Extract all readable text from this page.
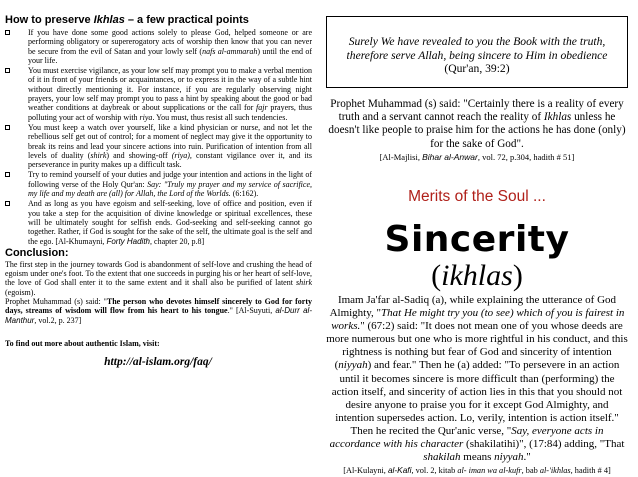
How to preserve Ikhlas – a few practical points
If you have done some good actions solely to please God, helped someone or are performing obligatory or supererogatory acts of worship then know that you can never be secure from the evil of Satan and your lowly self (nafs al-ammarah) until the end of your life.
You must exercise vigilance, as your low self may prompt you to make a verbal mention of it in front of your friends or acquaintances, or to express it in the way of a subtle hint without directly mentioning it. For instance, if you are regularly observing night prayers, your low self may prompt you to pass a hint by speaking about the good or bad weather conditions at daybreak or about supplications or the call for fajr prayers, thus polluting your act of worship with riya. You must, thus resist all such tendencies.
You must keep a watch over yourself, like a kind physician or nurse, and not let the rebellious self get out of control; for a moment of neglect may give it the opportunity to break its reins and lead your sincere actions into ruin. Purification of intention from all levels of duality (shirk) and showing-off (riya), constant vigilance over it, and its perseverance in purity makes up a difficult task.
Try to remind yourself of your duties and judge your intention and actions in the light of following verse of the Holy Qur'an: Say: "Truly my prayer and my service of sacrifice, my life and my death are (all) for Allah, the Lord of the Worlds. (6:162).
And as long as you have egoism and self-seeking, love of office and position, even if you take a step for the acquisition of divine knowledge or spiritual excellences, these will be ultimately sought for selfish ends. God-seeking and self-seeking cannot go together. Rather, if God is sought for the sake of the self, the ultimate goal is the self and the ego. [Al-Khumayni, Forty Hadith, chapter 20, p.8]
Conclusion:
The first step in the journey towards God is abandonment of self-love and crushing the head of egoism under one's foot. To the extent that one succeeds in purging his or her heart of self-love, the love of God shall enter it to the same extent and it shall also be purified of latent shirk (egoism).
Prophet Muhammad (s) said: "The person who devotes himself sincerely to God for forty days, streams of wisdom will flow from his heart to his tongue." [Al-Suyuti, al-Durr al-Manthur, vol.2, p. 237]
To find out more about authentic Islam, visit:
http://al-islam.org/faq/
Surely We have revealed to you the Book with the truth, therefore serve Allah, being sincere to Him in obedience
(Qur'an, 39:2)
Prophet Muhammad (s) said: "Certainly there is a reality of every truth and a servant cannot reach the reality of Ikhlas unless he doesn't like people to praise him for the actions he has done (only) for the sake of God".
[Al-Majlisi, Bihar al-Anwar, vol. 72, p.304, hadith # 51]
Merits of the Soul ...
Sincerity
(ikhlas)
Imam Ja'far al-Sadiq (a), while explaining the utterance of God Almighty, "That He might try you (to see) which of you is fairest in works." (67:2) said: "It does not mean one of you whose deeds are more numerous but one who is more rightful in his conduct, and this rightness is nothing but fear of God and sincerity of intention (niyyah) and fear." Then he (a) added: "To persevere in an action until it becomes sincere is more difficult than (performing) the action itself, and sincerity of action lies in this that you should not desire anyone to praise you for it except God Almighty, and intention supersedes action. Lo, verily, intention is action itself." Then he recited the Qur'anic verse, "Say, everyone acts in accordance with his character (shakilatihi)", (17:84) adding, "That shakilah means niyyah."
[Al-Kulayni, al-Kafi, vol. 2, kitab al- iman wa al-kufr, bab al-'ikhlas, hadith # 4]
